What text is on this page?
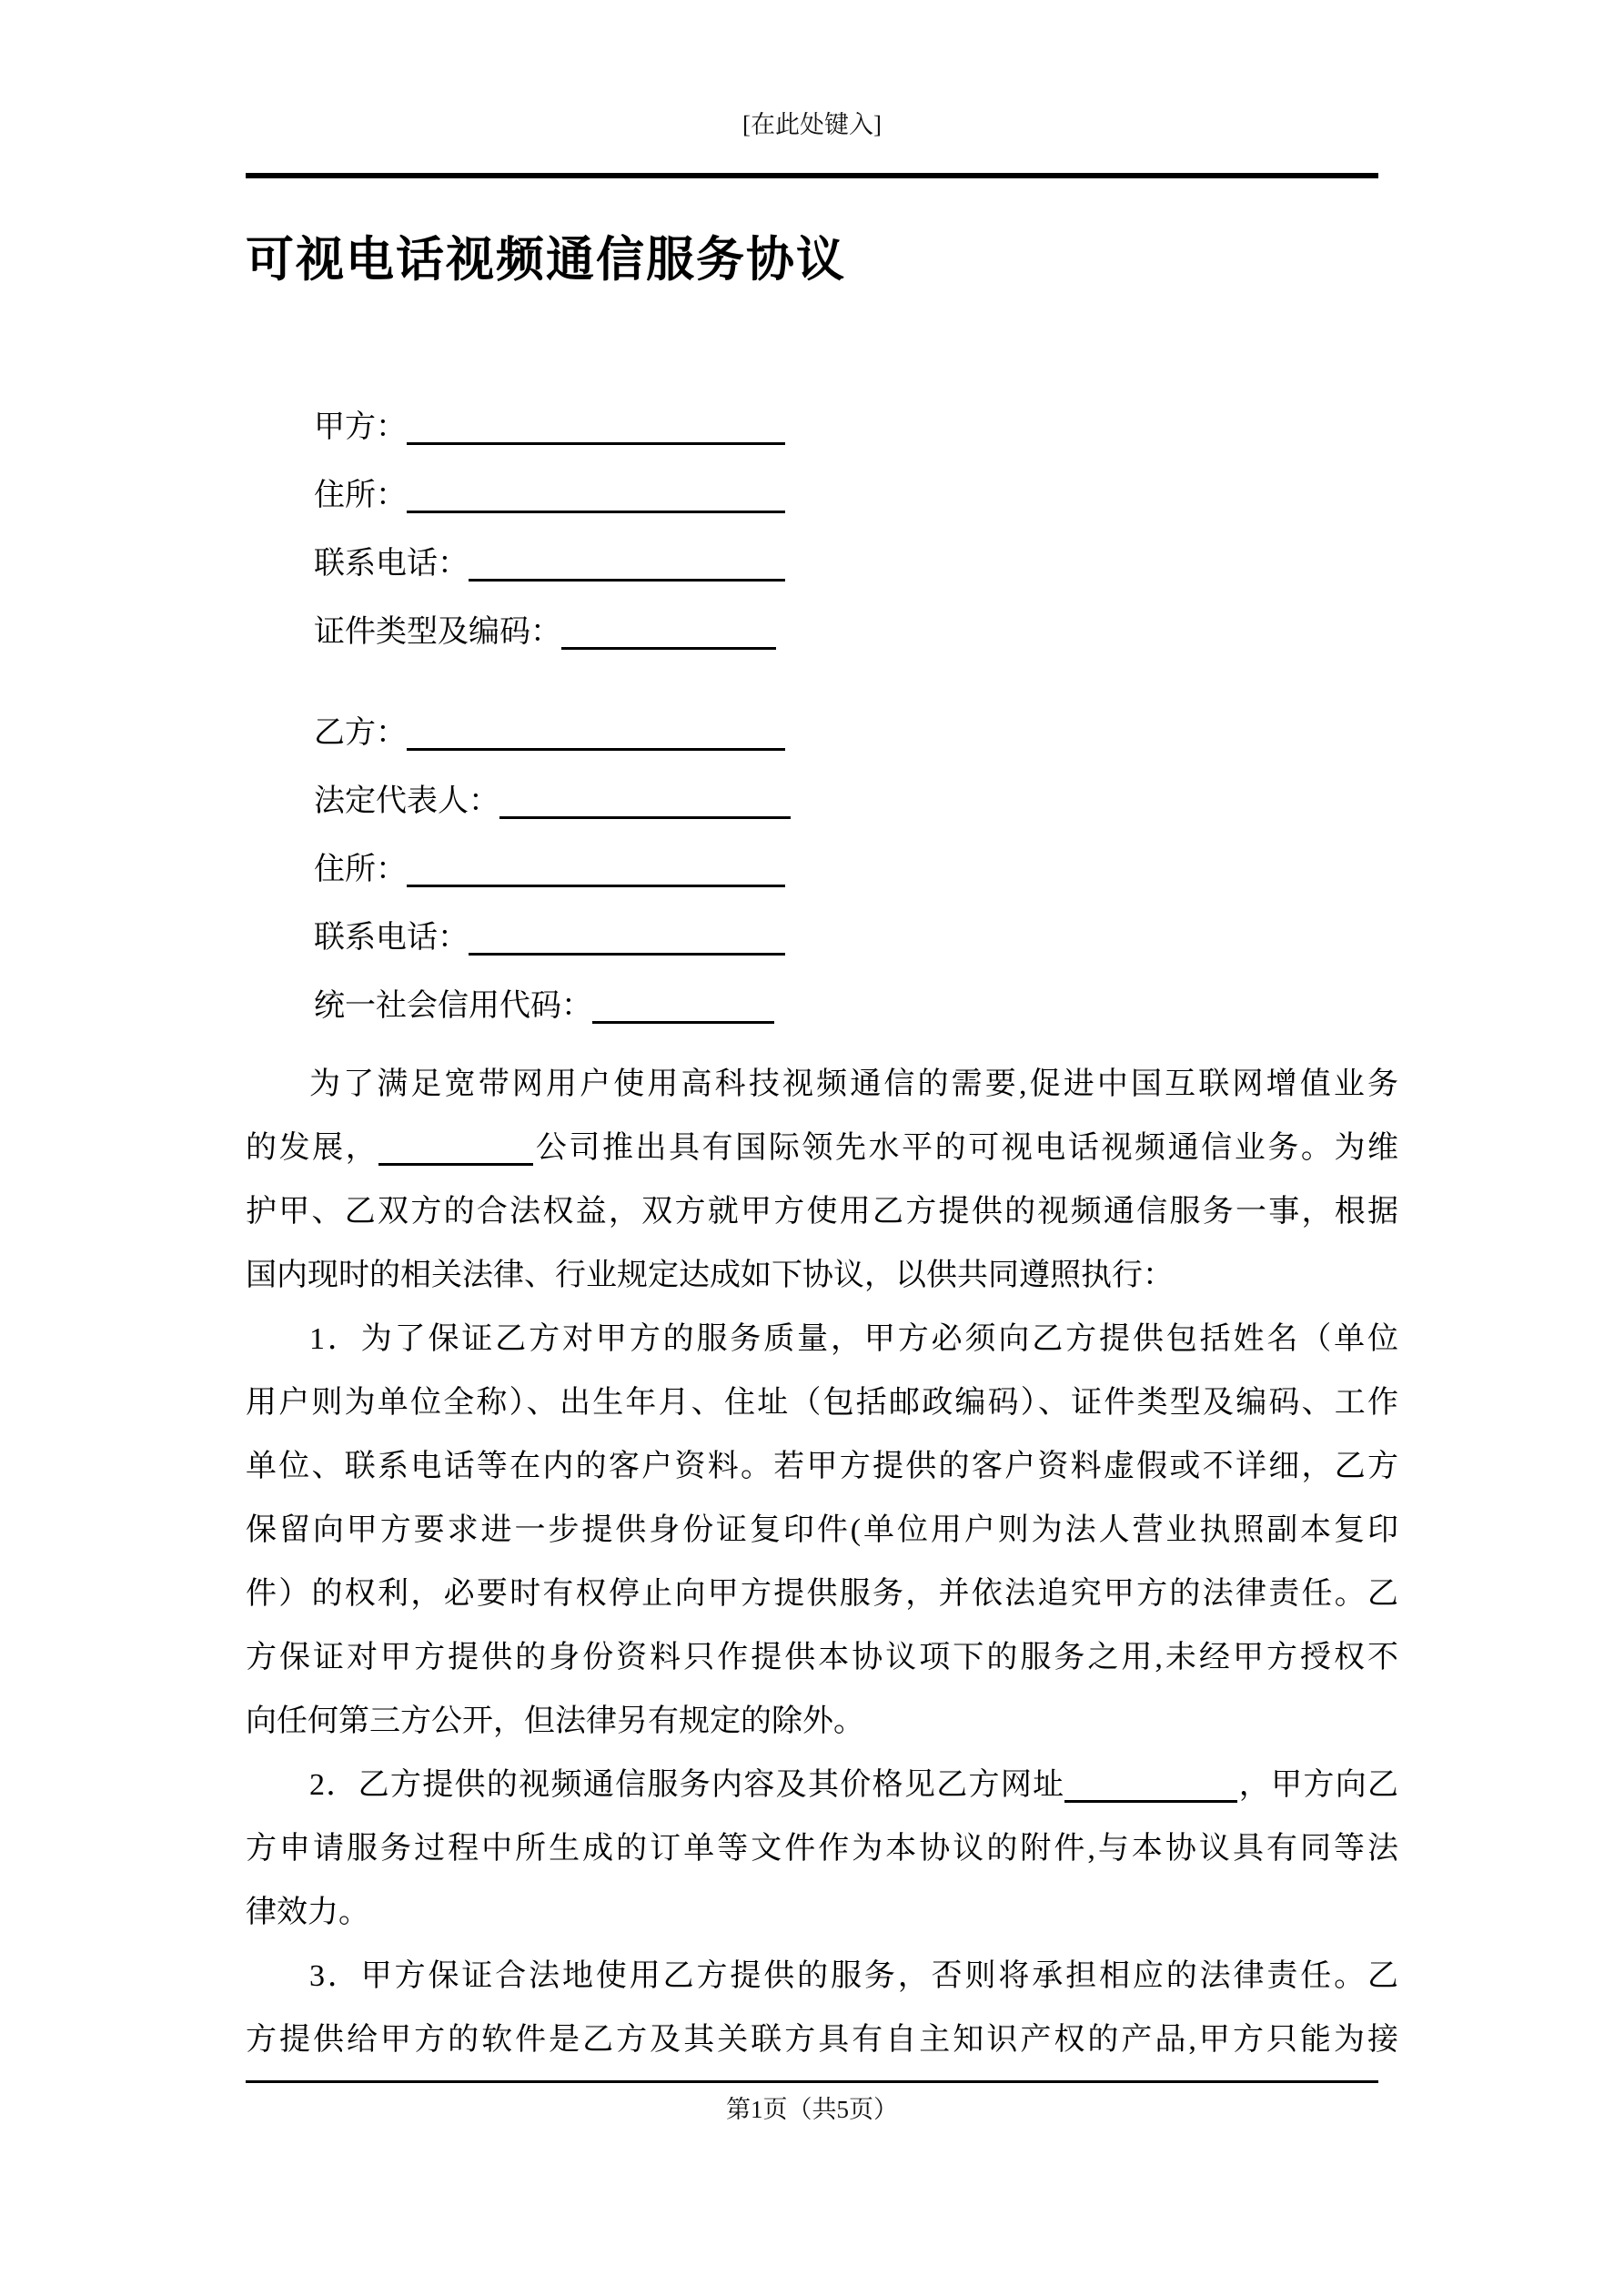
[在此处键入]
可视电话视频通信服务协议
甲方：
住所：
联系电话：
证件类型及编码：
乙方：
法定代表人：
住所：
联系电话：
统一社会信用代码：
为了满足宽带网用户使用高科技视频通信的需要,促进中国互联网增值业务
的发展，	公司推出具有国际领先水平的可视电话视频通信业务。为维
护甲、乙双方的合法权益，双方就甲方使用乙方提供的视频通信服务一事，根据
国内现时的相关法律、行业规定达成如下协议，以供共同遵照执行：
1．为了保证乙方对甲方的服务质量，甲方必须向乙方提供包括姓名（单位
用户则为单位全称）、出生年月、住址（包括邮政编码）、证件类型及编码、工作
单位、联系电话等在内的客户资料。若甲方提供的客户资料虚假或不详细，乙方
保留向甲方要求进一步提供身份证复印件(单位用户则为法人营业执照副本复印
件）的权利，必要时有权停止向甲方提供服务，并依法追究甲方的法律责任。乙
方保证对甲方提供的身份资料只作提供本协议项下的服务之用,未经甲方授权不
向任何第三方公开，但法律另有规定的除外。
2．乙方提供的视频通信服务内容及其价格见乙方网址	，甲方向乙
方申请服务过程中所生成的订单等文件作为本协议的附件,与本协议具有同等法
律效力。
3．甲方保证合法地使用乙方提供的服务，否则将承担相应的法律责任。乙
方提供给甲方的软件是乙方及其关联方具有自主知识产权的产品,甲方只能为接
第1页（共5页）
